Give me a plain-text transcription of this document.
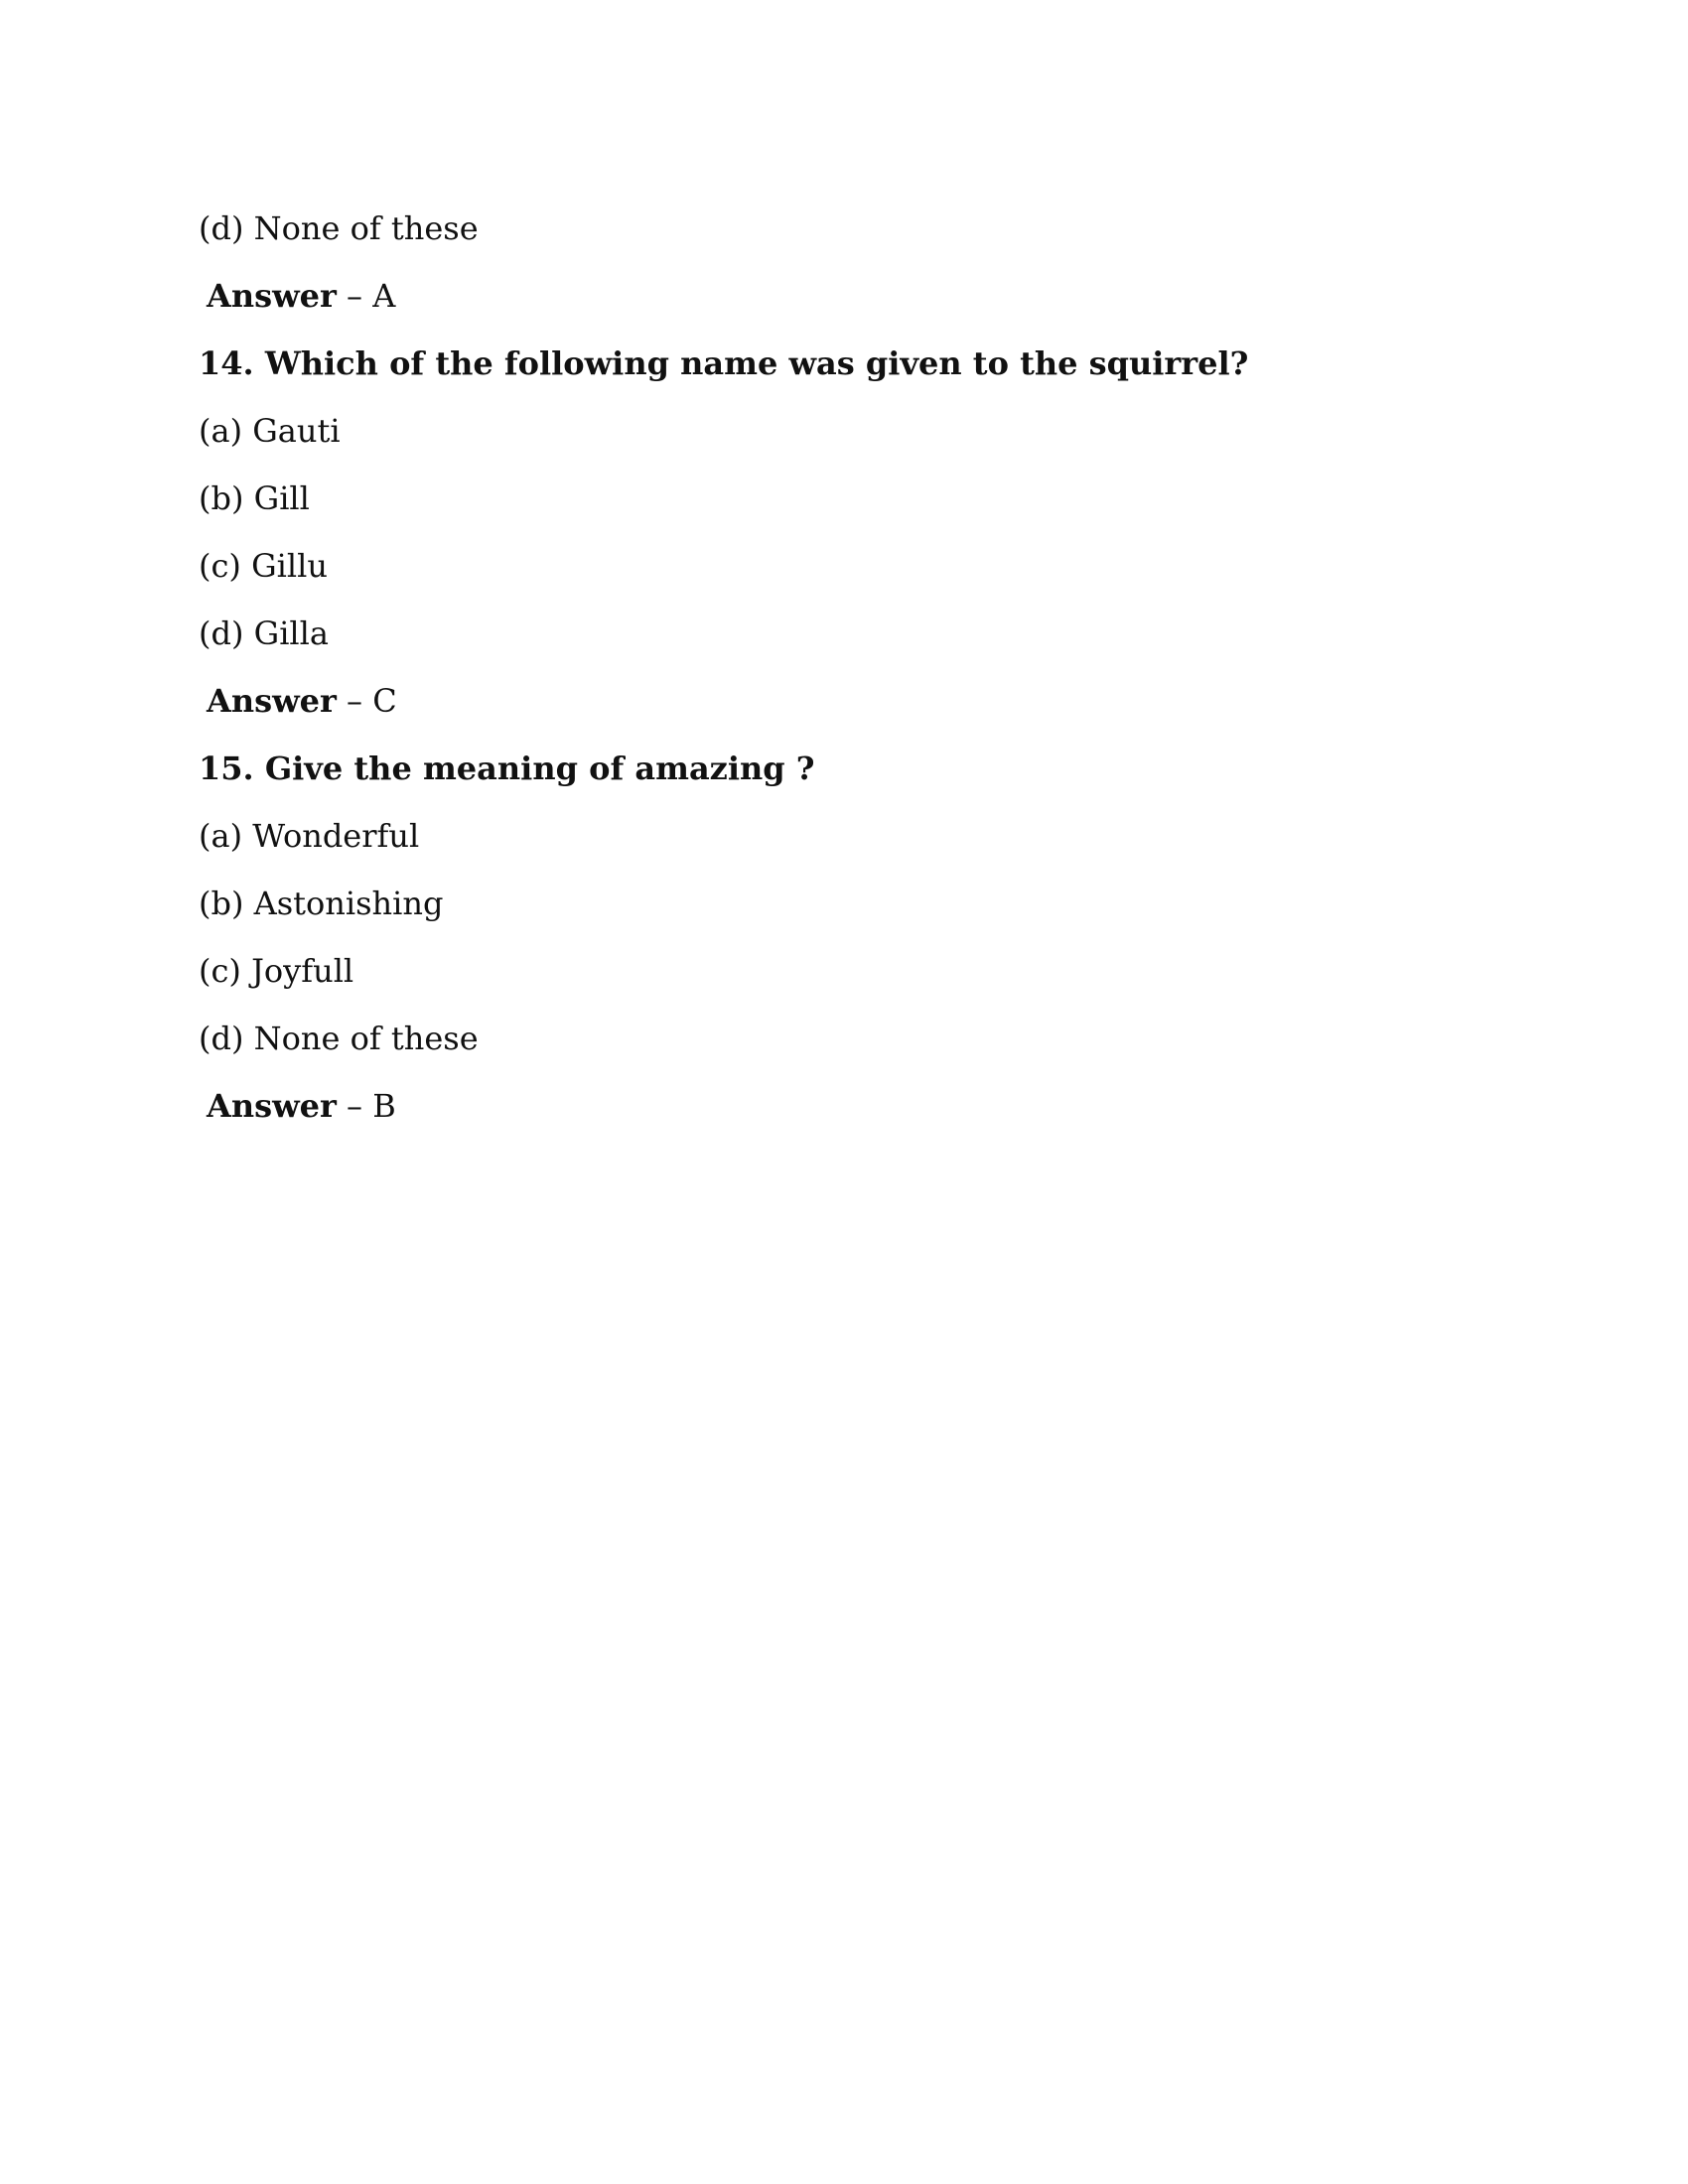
(d) None of these
Answer – A
14. Which of the following name was given to the squirrel?
(a) Gauti
(b) Gill
(c) Gillu
(d) Gilla
Answer – C
15. Give the meaning of amazing ?
(a) Wonderful
(b) Astonishing
(c) Joyfull
(d) None of these
Answer – B
